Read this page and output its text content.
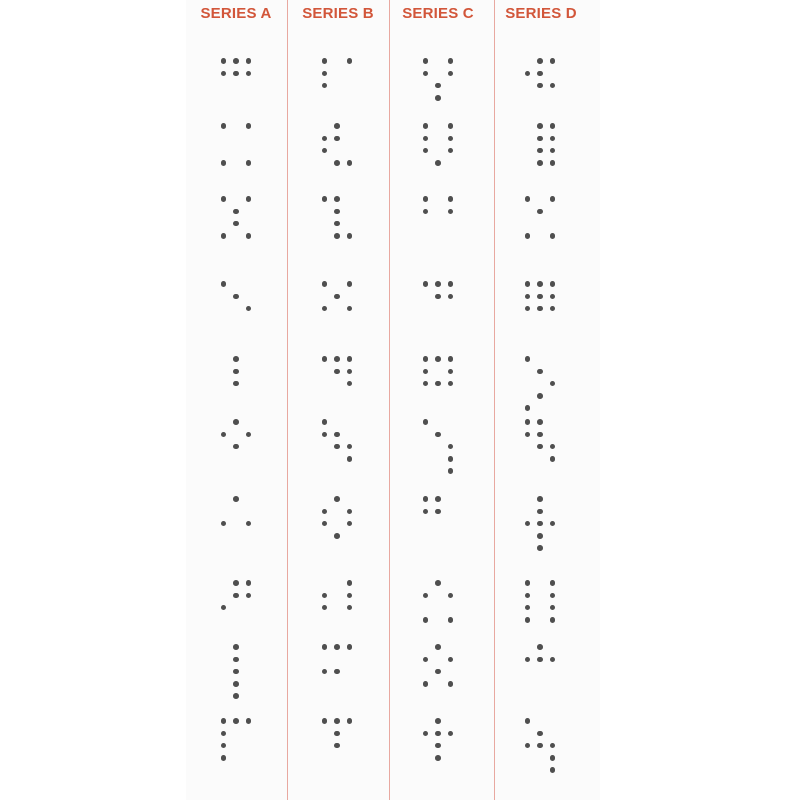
SERIES A	SERIES B	SERIES C	SERIES D
